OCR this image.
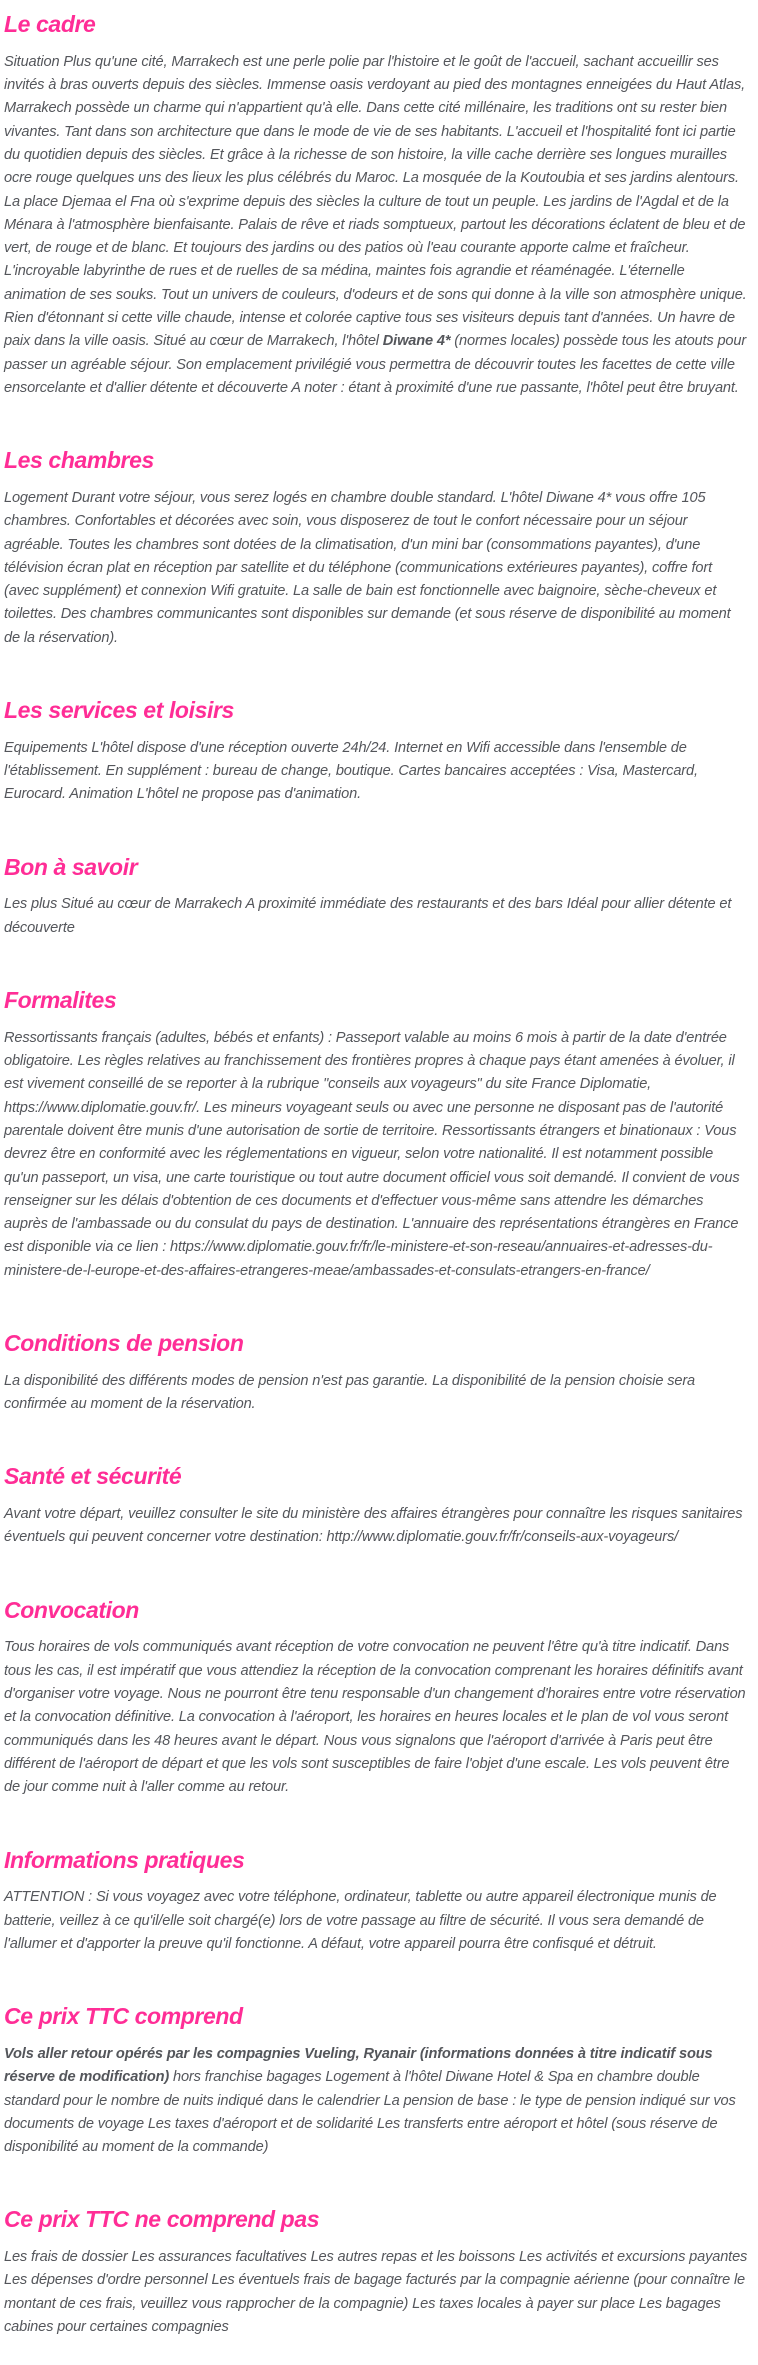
Le cadre

Situation Plus qu'une cité, Marrakech est une perle polie par l'histoire et le goût de l'accueil, sachant accueillir ses invités à bras ouverts depuis des siècles. Immense oasis verdoyant au pied des montagnes enneigées du Haut Atlas, Marrakech possède un charme qui n'appartient qu'à elle. Dans cette cité millénaire, les traditions ont su rester bien vivantes. Tant dans son architecture que dans le mode de vie de ses habitants. L'accueil et l'hospitalité font ici partie du quotidien depuis des siècles. Et grâce à la richesse de son histoire, la ville cache derrière ses longues murailles ocre rouge quelques uns des lieux les plus célébrés du Maroc. La mosquée de la Koutoubia et ses jardins alentours. La place Djemaa el Fna où s'exprime depuis des siècles la culture de tout un peuple. Les jardins de l'Agdal et de la Ménara à l'atmosphère bienfaisante. Palais de rêve et riads somptueux, partout les décorations éclatent de bleu et de vert, de rouge et de blanc. Et toujours des jardins ou des patios où l'eau courante apporte calme et fraîcheur. L'incroyable labyrinthe de rues et de ruelles de sa médina, maintes fois agrandie et réaménagée. L'éternelle animation de ses souks. Tout un univers de couleurs, d'odeurs et de sons qui donne à la ville son atmosphère unique. Rien d'étonnant si cette ville chaude, intense et colorée captive tous ses visiteurs depuis tant d'années. Un havre de paix dans la ville oasis. Situé au cœur de Marrakech, l'hôtel Diwane 4* (normes locales) possède tous les atouts pour passer un agréable séjour. Son emplacement privilégié vous permettra de découvrir toutes les facettes de cette ville ensorcelante et d'allier détente et découverte A noter : étant à proximité d'une rue passante, l'hôtel peut être bruyant.

Les chambres

Logement Durant votre séjour, vous serez logés en chambre double standard. L'hôtel Diwane 4* vous offre 105 chambres. Confortables et décorées avec soin, vous disposerez de tout le confort nécessaire pour un séjour agréable. Toutes les chambres sont dotées de la climatisation, d'un mini bar (consommations payantes), d'une télévision écran plat en réception par satellite et du téléphone (communications extérieures payantes), coffre fort (avec supplément) et connexion Wifi gratuite. La salle de bain est fonctionnelle avec baignoire, sèche-cheveux et toilettes. Des chambres communicantes sont disponibles sur demande (et sous réserve de disponibilité au moment de la réservation).

Les services et loisirs

Equipements L'hôtel dispose d'une réception ouverte 24h/24. Internet en Wifi accessible dans l'ensemble de l'établissement. En supplément : bureau de change, boutique. Cartes bancaires acceptées : Visa, Mastercard, Eurocard. Animation L'hôtel ne propose pas d'animation.

Bon à savoir

Les plus Situé au cœur de Marrakech A proximité immédiate des restaurants et des bars Idéal pour allier détente et découverte

Formalites

Ressortissants français (adultes, bébés et enfants) : Passeport valable au moins 6 mois à partir de la date d'entrée obligatoire. Les règles relatives au franchissement des frontières propres à chaque pays étant amenées à évoluer, il est vivement conseillé de se reporter à la rubrique "conseils aux voyageurs" du site France Diplomatie, https://www.diplomatie.gouv.fr/. Les mineurs voyageant seuls ou avec une personne ne disposant pas de l'autorité parentale doivent être munis d'une autorisation de sortie de territoire. Ressortissants étrangers et binationaux : Vous devrez être en conformité avec les réglementations en vigueur, selon votre nationalité. Il est notamment possible qu'un passeport, un visa, une carte touristique ou tout autre document officiel vous soit demandé. Il convient de vous renseigner sur les délais d'obtention de ces documents et d'effectuer vous-même sans attendre les démarches auprès de l'ambassade ou du consulat du pays de destination. L'annuaire des représentations étrangères en France est disponible via ce lien : https://www.diplomatie.gouv.fr/fr/le-ministere-et-son-reseau/annuaires-et-adresses-du-ministere-de-l-europe-et-des-affaires-etrangeres-meae/ambassades-et-consulats-etrangers-en-france/

Conditions de pension

La disponibilité des différents modes de pension n'est pas garantie. La disponibilité de la pension choisie sera confirmée au moment de la réservation.

Santé et sécurité

Avant votre départ, veuillez consulter le site du ministère des affaires étrangères pour connaître les risques sanitaires éventuels qui peuvent concerner votre destination: http://www.diplomatie.gouv.fr/fr/conseils-aux-voyageurs/

Convocation

Tous horaires de vols communiqués avant réception de votre convocation ne peuvent l'être qu'à titre indicatif. Dans tous les cas, il est impératif que vous attendiez la réception de la convocation comprenant les horaires définitifs avant d'organiser votre voyage. Nous ne pourront être tenu responsable d'un changement d'horaires entre votre réservation et la convocation définitive. La convocation à l'aéroport, les horaires en heures locales et le plan de vol vous seront communiqués dans les 48 heures avant le départ. Nous vous signalons que l'aéroport d'arrivée à Paris peut être différent de l'aéroport de départ et que les vols sont susceptibles de faire l'objet d'une escale. Les vols peuvent être de jour comme nuit à l'aller comme au retour.

Informations pratiques

ATTENTION : Si vous voyagez avec votre téléphone, ordinateur, tablette ou autre appareil électronique munis de batterie, veillez à ce qu'il/elle soit chargé(e) lors de votre passage au filtre de sécurité. Il vous sera demandé de l'allumer et d'apporter la preuve qu'il fonctionne. A défaut, votre appareil pourra être confisqué et détruit.

Ce prix TTC comprend

Vols aller retour opérés par les compagnies Vueling, Ryanair (informations données à titre indicatif sous réserve de modification) hors franchise bagages Logement à l'hôtel Diwane Hotel & Spa en chambre double standard pour le nombre de nuits indiqué dans le calendrier La pension de base : le type de pension indiqué sur vos documents de voyage Les taxes d'aéroport et de solidarité Les transferts entre aéroport et hôtel (sous réserve de disponibilité au moment de la commande)

Ce prix TTC ne comprend pas

Les frais de dossier Les assurances facultatives Les autres repas et les boissons Les activités et excursions payantes Les dépenses d'ordre personnel Les éventuels frais de bagage facturés par la compagnie aérienne (pour connaître le montant de ces frais, veuillez vous rapprocher de la compagnie) Les taxes locales à payer sur place Les bagages cabines pour certaines compagnies
